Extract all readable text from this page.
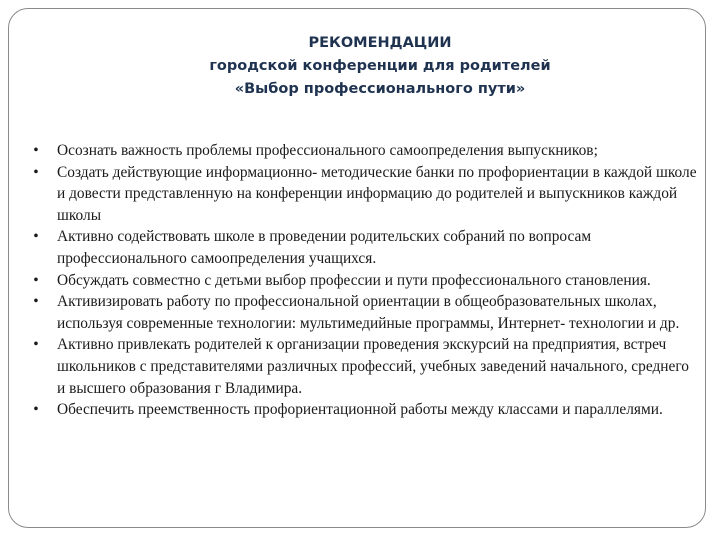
РЕКОМЕНДАЦИИ
городской конференции для родителей
«Выбор профессионального пути»
• Осознать важность проблемы профессионального самоопределения выпускников;
• Создать действующие информационно- методические банки по профориентации в каждой школе и довести представленную на конференции информацию до родителей и выпускников каждой школы
• Активно содействовать школе в проведении родительских собраний по вопросам профессионального самоопределения учащихся.
• Обсуждать совместно с детьми выбор профессии и пути профессионального становления.
• Активизировать работу по профессиональной ориентации в общеобразовательных школах, используя современные технологии: мультимедийные программы, Интернет- технологии и др.
• Активно привлекать родителей к организации проведения экскурсий на предприятия, встреч школьников с представителями различных профессий, учебных заведений начального, среднего и высшего образования г Владимира.
• Обеспечить преемственность профориентационной работы между классами и параллелями.
